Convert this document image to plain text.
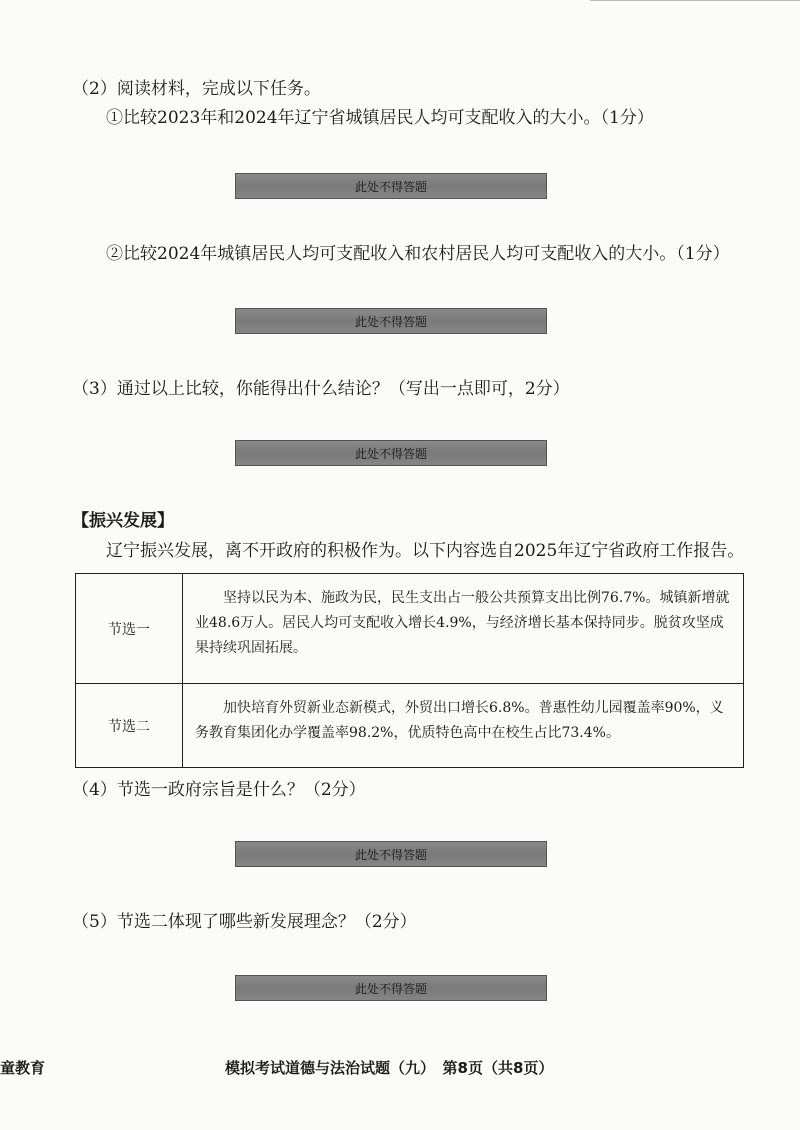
（2）阅读材料，完成以下任务。
①比较2023年和2024年辽宁省城镇居民人均可支配收入的大小。（1分）
此处不得答题
②比较2024年城镇居民人均可支配收入和农村居民人均可支配收入的大小。（1分）
此处不得答题
（3）通过以上比较，你能得出什么结论？（写出一点即可，2分）
此处不得答题
【振兴发展】
辽宁振兴发展，离不开政府的积极作为。以下内容选自2025年辽宁省政府工作报告。
节选一
坚持以民为本、施政为民，民生支出占一般公共预算支出比例76.7%。城镇新增就业48.6万人。居民人均可支配收入增长4.9%，与经济增长基本保持同步。脱贫攻坚成果持续巩固拓展。
节选二
加快培育外贸新业态新模式，外贸出口增长6.8%。普惠性幼儿园覆盖率90%，义务教育集团化办学覆盖率98.2%，优质特色高中在校生占比73.4%。
（4）节选一政府宗旨是什么？（2分）
此处不得答题
（5）节选二体现了哪些新发展理念？（2分）
此处不得答题
童教育	模拟考试道德与法治试题（九）　第8页（共8页）
